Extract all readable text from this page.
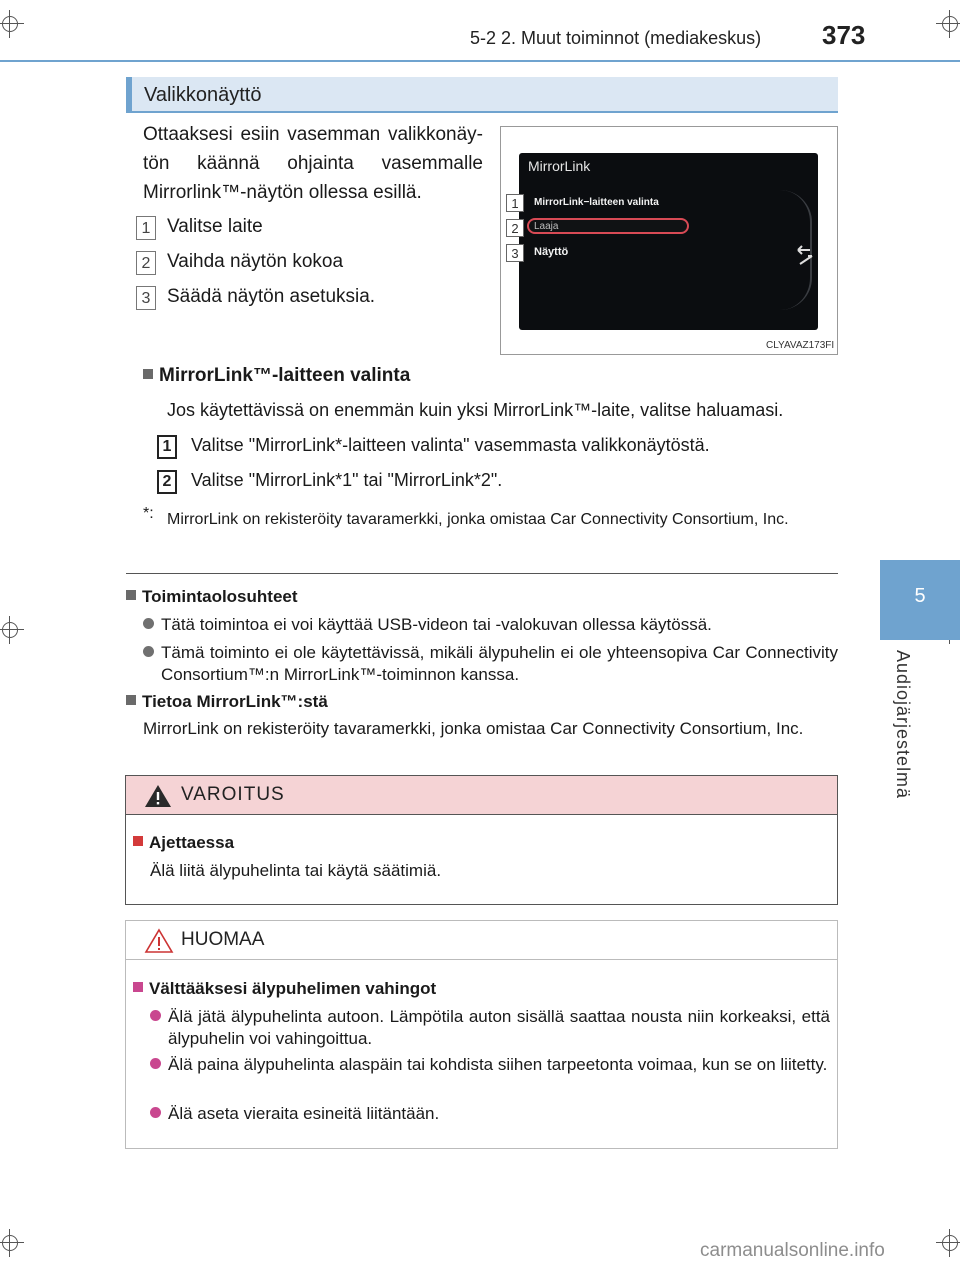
5-2 2. Muut toiminnot (mediakeskus) 373
5
Audiojärjestelmä
Valikkonäyttö
Ottaaksesi esiin vasemman valikkonäytön käännä ohjainta vasemmalle Mirrorlink™-näytön ollessa esillä.
1 Valitse laite
2 Vaihda näytön kokoa
3 Säädä näytön asetuksia.
MirrorLink
MirrorLink−laitteen valinta
Laaja
Näyttö
1
2
3
CLYAVAZ173FI
MirrorLink™-laitteen valinta
Jos käytettävissä on enemmän kuin yksi MirrorLink™-laite, valitse haluamasi.
1	Valitse "MirrorLink*-laitteen valinta" vasemmasta valikkonäytöstä.
2	Valitse "MirrorLink*1" tai "MirrorLink*2".
*: MirrorLink on rekisteröity tavaramerkki, jonka omistaa Car Connectivity Consortium, Inc.
Toimintaolosuhteet
Tätä toimintoa ei voi käyttää USB-videon tai -valokuvan ollessa käytössä.
Tämä toiminto ei ole käytettävissä, mikäli älypuhelin ei ole yhteensopiva Car Connectivity Consortium™:n MirrorLink™-toiminnon kanssa.
Tietoa MirrorLink™:stä
MirrorLink on rekisteröity tavaramerkki, jonka omistaa Car Connectivity Consortium, Inc.
VAROITUS
Ajettaessa
Älä liitä älypuhelinta tai käytä säätimiä.
HUOMAA
Välttääksesi älypuhelimen vahingot
Älä jätä älypuhelinta autoon. Lämpötila auton sisällä saattaa nousta niin korkeaksi, että älypuhelin voi vahingoittua.
Älä paina älypuhelinta alaspäin tai kohdista siihen tarpeetonta voimaa, kun se on liitetty.
Älä aseta vieraita esineitä liitäntään.
carmanualsonline.info
